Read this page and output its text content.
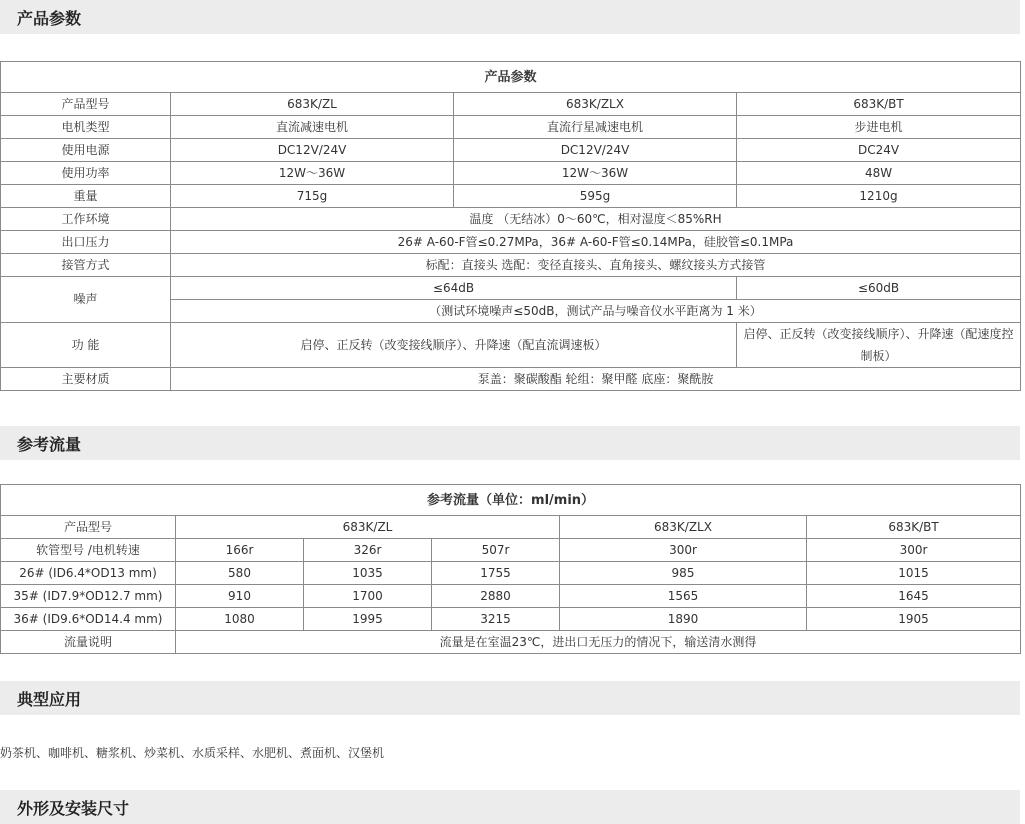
产品参数
产品参数			
产品型号	683K/ZL	683K/ZLX	683K/BT
电机类型	直流减速电机	直流行星减速电机	步进电机
使用电源	DC12V/24V	DC12V/24V	DC24V
使用功率	12W～36W	12W～36W	48W
重量	715g	595g	1210g
工作环境	温度 （无结冰）0～60℃，相对湿度＜85%RH		
出口压力	26# A-60-F管≤0.27MPa，36# A-60-F管≤0.14MPa，硅胶管≤0.1MPa		
接管方式	标配：直接头 选配：变径直接头、直角接头、螺纹接头方式接管		
噪声	≤64dB		≤60dB
	（测试环境噪声≤50dB，测试产品与噪音仪水平距离为 1 米）		
功 能	启停、正反转（改变接线顺序）、升降速（配直流调速板）		启停、正反转（改变接线顺序）、升降速（配速度控制板）
主要材质	泵盖：聚碳酸酯 轮组：聚甲醛 底座：聚酰胺		
参考流量
参考流量（单位：ml/min）					
产品型号	683K/ZL			683K/ZLX	683K/BT
软管型号 /电机转速	166r	326r	507r	300r	300r
26# (ID6.4*OD13 mm)	580	1035	1755	985	1015
35# (ID7.9*OD12.7 mm)	910	1700	2880	1565	1645
36# (ID9.6*OD14.4 mm)	1080	1995	3215	1890	1905
流量说明	流量是在室温23℃，进出口无压力的情况下，输送清水测得				
典型应用
奶茶机、咖啡机、糖浆机、炒菜机、水质采样、水肥机、煮面机、汉堡机
外形及安装尺寸
